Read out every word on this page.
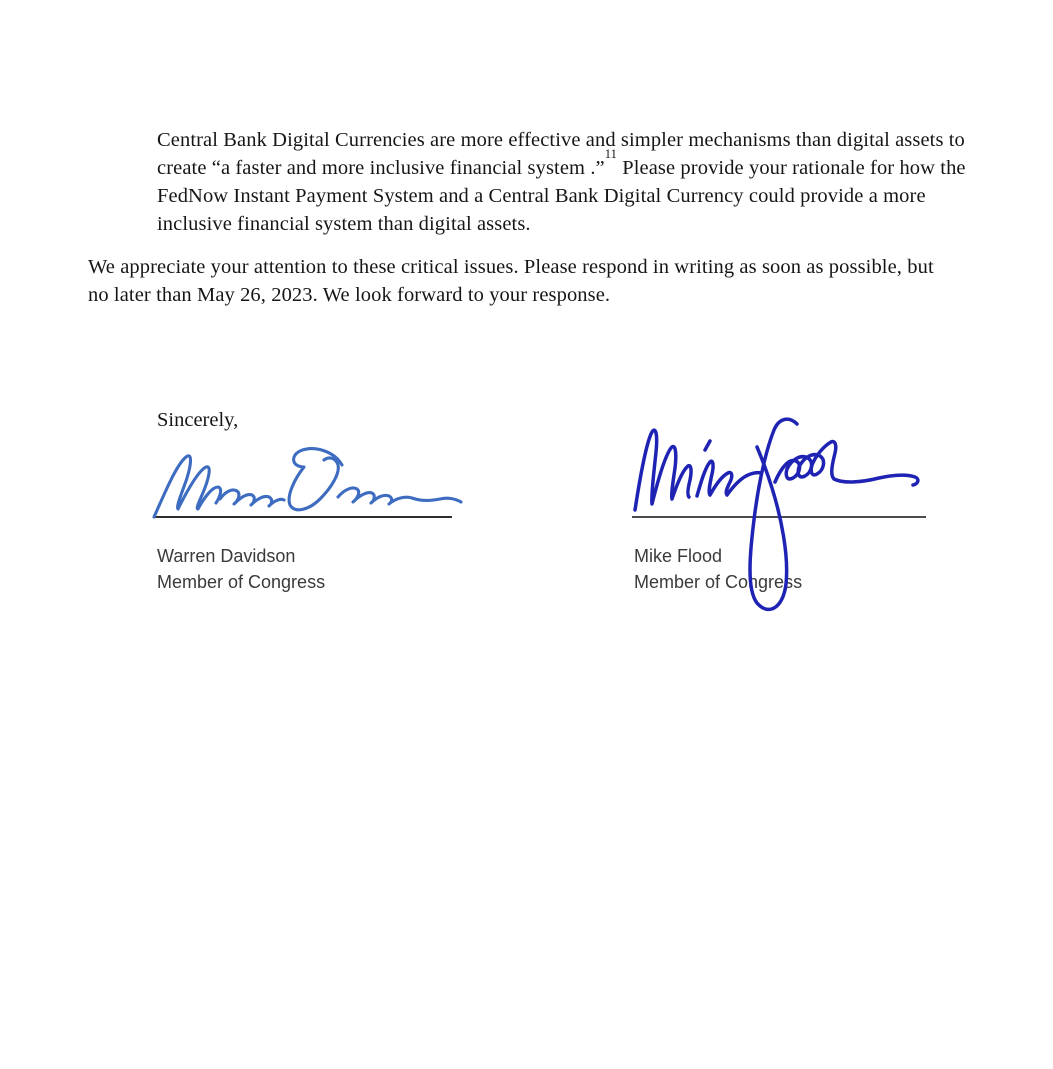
Central Bank Digital Currencies are more effective and simpler mechanisms than digital assets to create “a faster and more inclusive financial system .”$^{11}$ Please provide your rationale for how the FedNow Instant Payment System and a Central Bank Digital Currency could provide a more inclusive financial system than digital assets.

We appreciate your attention to these critical issues. Please respond in writing as soon as possible, but no later than May 26, 2023. We look forward to your response.

Sincerely,

Warren Davidson
Member of Congress
Mike Flood
Member of Congress
